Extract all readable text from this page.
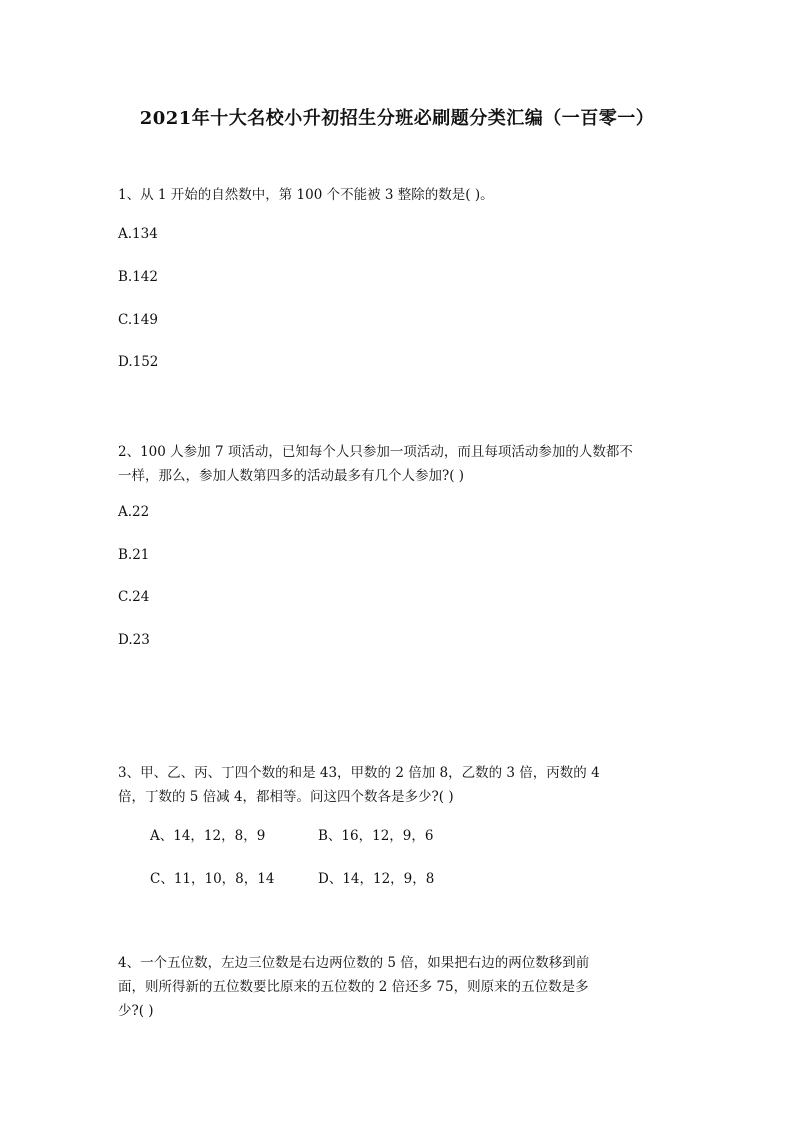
2021年十大名校小升初招生分班必刷题分类汇编（一百零一）
1、从 1 开始的自然数中，第 100 个不能被 3 整除的数是( )。
A.134
B.142
C.149
D.152
2、100 人参加 7 项活动，已知每个人只参加一项活动，而且每项活动参加的人数都不
一样，那么，参加人数第四多的活动最多有几个人参加?( )
A.22
B.21
C.24
D.23
3、甲、乙、丙、丁四个数的和是 43，甲数的 2 倍加 8，乙数的 3 倍，丙数的 4
倍，丁数的 5 倍减 4，都相等。问这四个数各是多少?( )
A、14，12，8，9	B、16，12，9，6
C、11，10，8，14	D、14，12，9，8
4、一个五位数，左边三位数是右边两位数的 5 倍，如果把右边的两位数移到前
面，则所得新的五位数要比原来的五位数的 2 倍还多 75，则原来的五位数是多
少?( )
